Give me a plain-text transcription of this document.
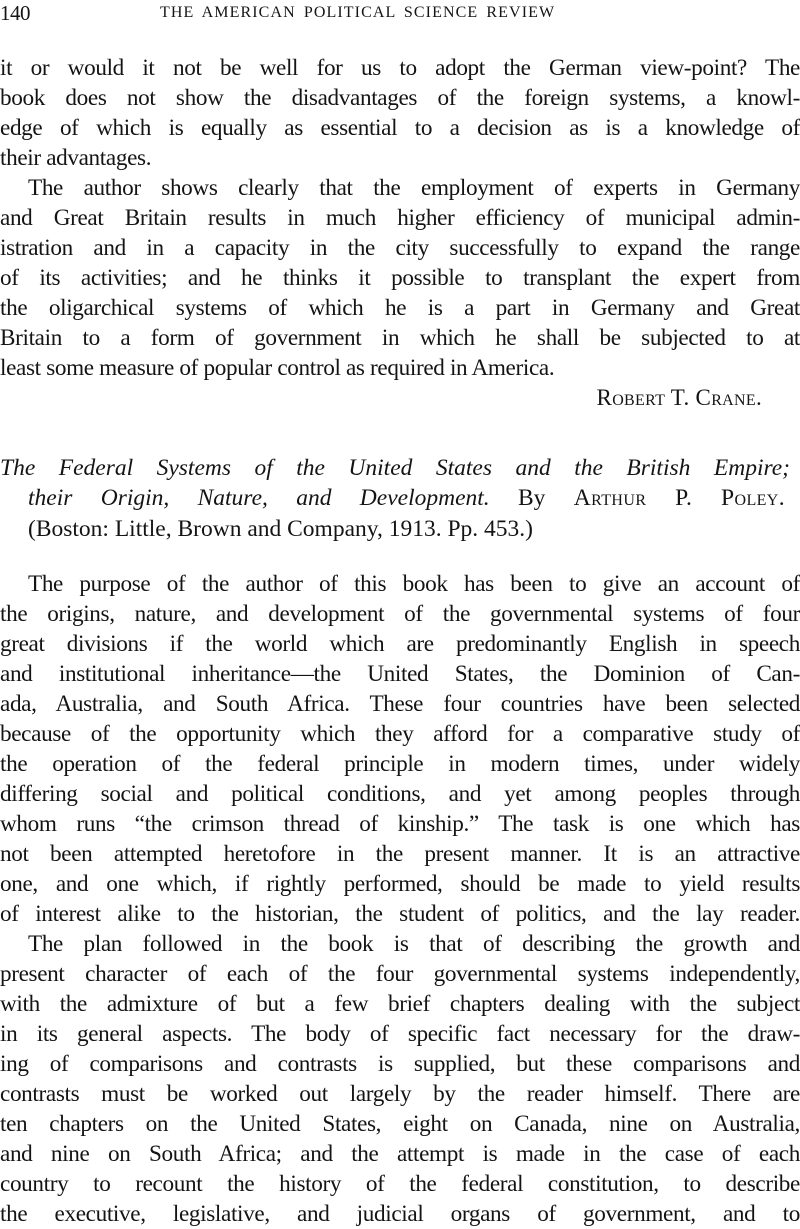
140	THE AMERICAN POLITICAL SCIENCE REVIEW
it or would it not be well for us to adopt the German view-point? The
book does not show the disadvantages of the foreign systems, a knowl-
edge of which is equally as essential to a decision as is a knowledge of
their advantages.
The author shows clearly that the employment of experts in Germany
and Great Britain results in much higher efficiency of municipal admin-
istration and in a capacity in the city successfully to expand the range
of its activities; and he thinks it possible to transplant the expert from
the oligarchical systems of which he is a part in Germany and Great
Britain to a form of government in which he shall be subjected to at
least some measure of popular control as required in America.
Robert T. Crane.
The Federal Systems of the United States and the British Empire;
their Origin, Nature, and Development. By Arthur P. Poley.
(Boston: Little, Brown and Company, 1913. Pp. 453.)
The purpose of the author of this book has been to give an account of
the origins, nature, and development of the governmental systems of four
great divisions if the world which are predominantly English in speech
and institutional inheritance—the United States, the Dominion of Can-
ada, Australia, and South Africa. These four countries have been selected
because of the opportunity which they afford for a comparative study of
the operation of the federal principle in modern times, under widely
differing social and political conditions, and yet among peoples through
whom runs “the crimson thread of kinship.” The task is one which has
not been attempted heretofore in the present manner. It is an attractive
one, and one which, if rightly performed, should be made to yield results
of interest alike to the historian, the student of politics, and the lay reader.
The plan followed in the book is that of describing the growth and
present character of each of the four governmental systems independently,
with the admixture of but a few brief chapters dealing with the subject
in its general aspects. The body of specific fact necessary for the draw-
ing of comparisons and contrasts is supplied, but these comparisons and
contrasts must be worked out largely by the reader himself. There are
ten chapters on the United States, eight on Canada, nine on Australia,
and nine on South Africa; and the attempt is made in the case of each
country to recount the history of the federal constitution, to describe
the executive, legislative, and judicial organs of government, and to
